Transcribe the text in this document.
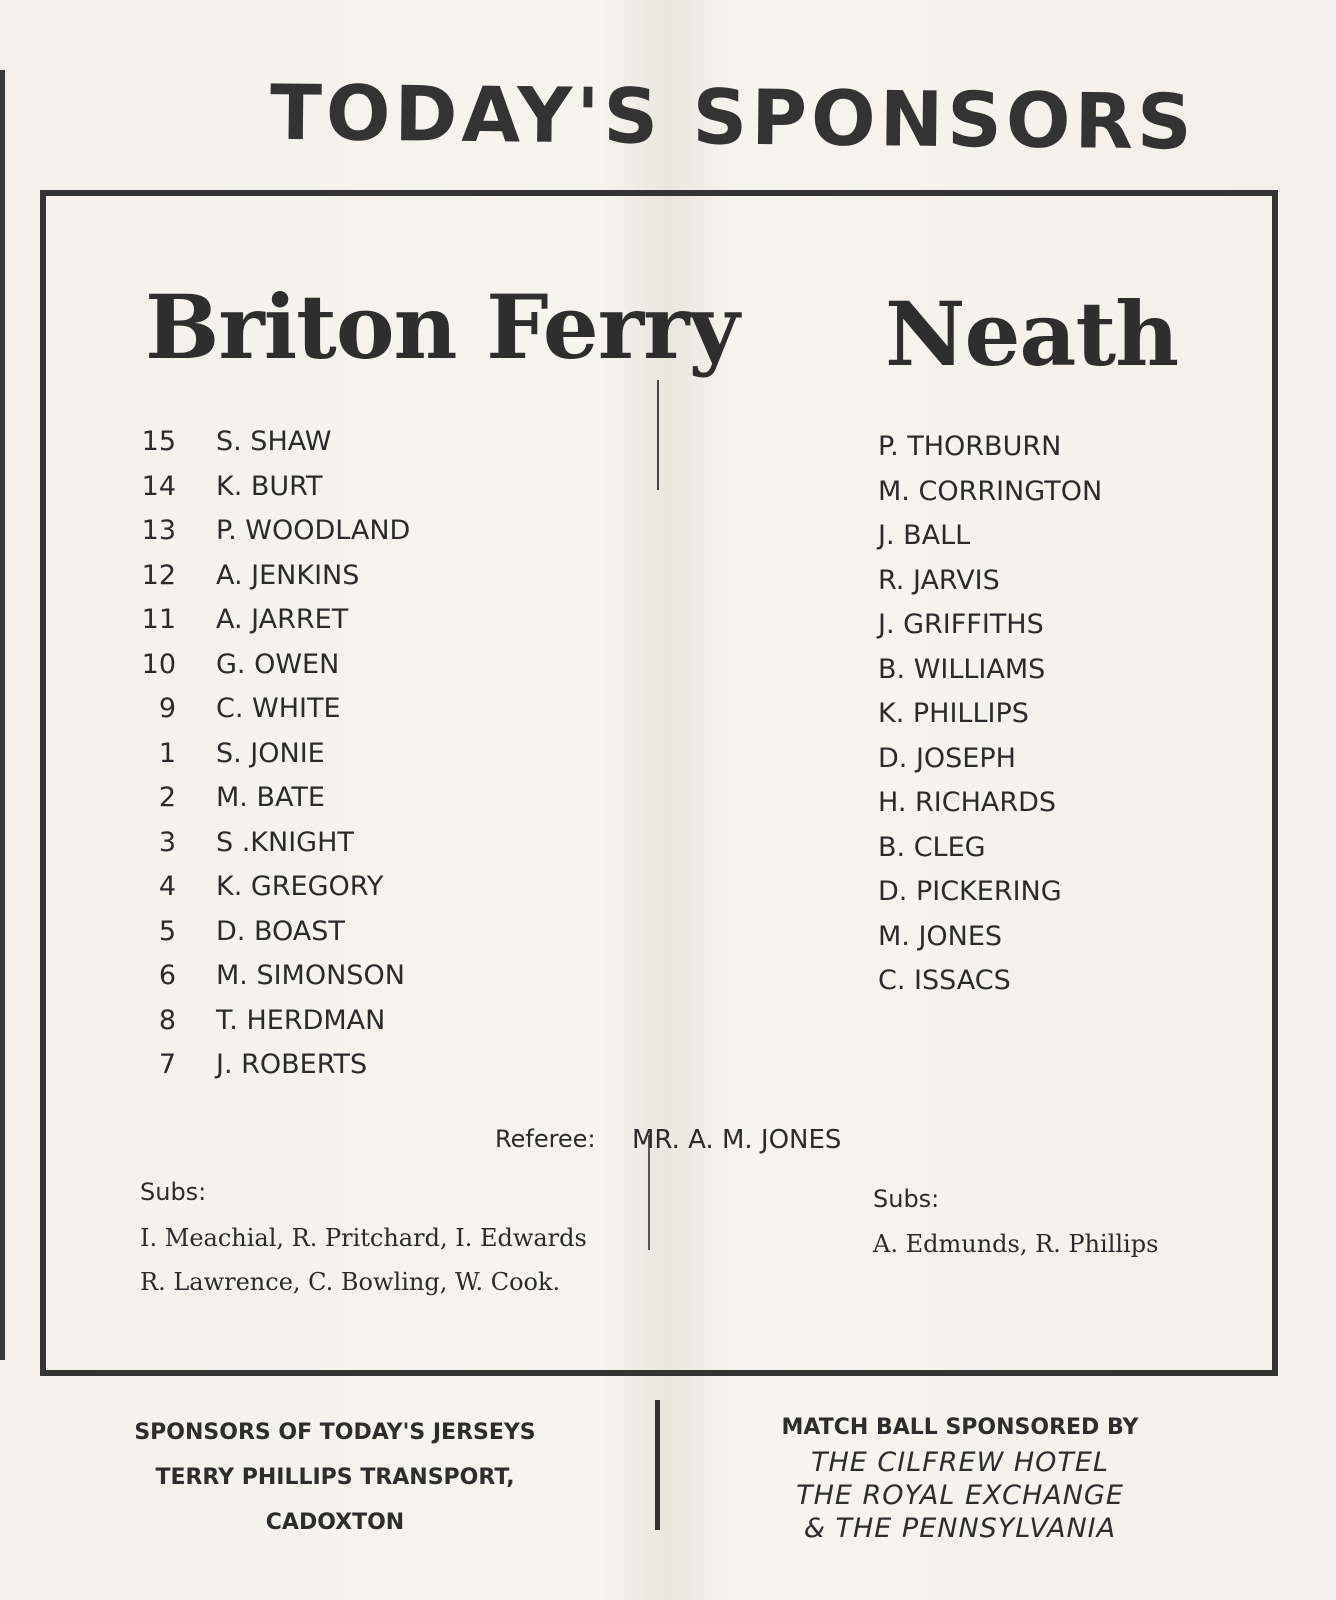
TODAY'S SPONSORS
Briton Ferry Neath
15 S. SHAW
14 K. BURT
13 P. WOODLAND
12 A. JENKINS
11 A. JARRET
10 G. OWEN
9 C. WHITE
1 S. JONIE
2 M. BATE
3 S .KNIGHT
4 K. GREGORY
5 D. BOAST
6 M. SIMONSON
8 T. HERDMAN
7 J. ROBERTS
P. THORBURN
M. CORRINGTON
J. BALL
R. JARVIS
J. GRIFFITHS
B. WILLIAMS
K. PHILLIPS
D. JOSEPH
H. RICHARDS
B. CLEG
D. PICKERING
M. JONES
C. ISSACS
Referee: MR. A. M. JONES
Subs:
I. Meachial, R. Pritchard, I. Edwards
R. Lawrence, C. Bowling, W. Cook.
Subs:
A. Edmunds, R. Phillips
SPONSORS OF TODAY'S JERSEYS
TERRY PHILLIPS TRANSPORT,
CADOXTON
MATCH BALL SPONSORED BY
THE CILFREW HOTEL
THE ROYAL EXCHANGE
& THE PENNSYLVANIA
